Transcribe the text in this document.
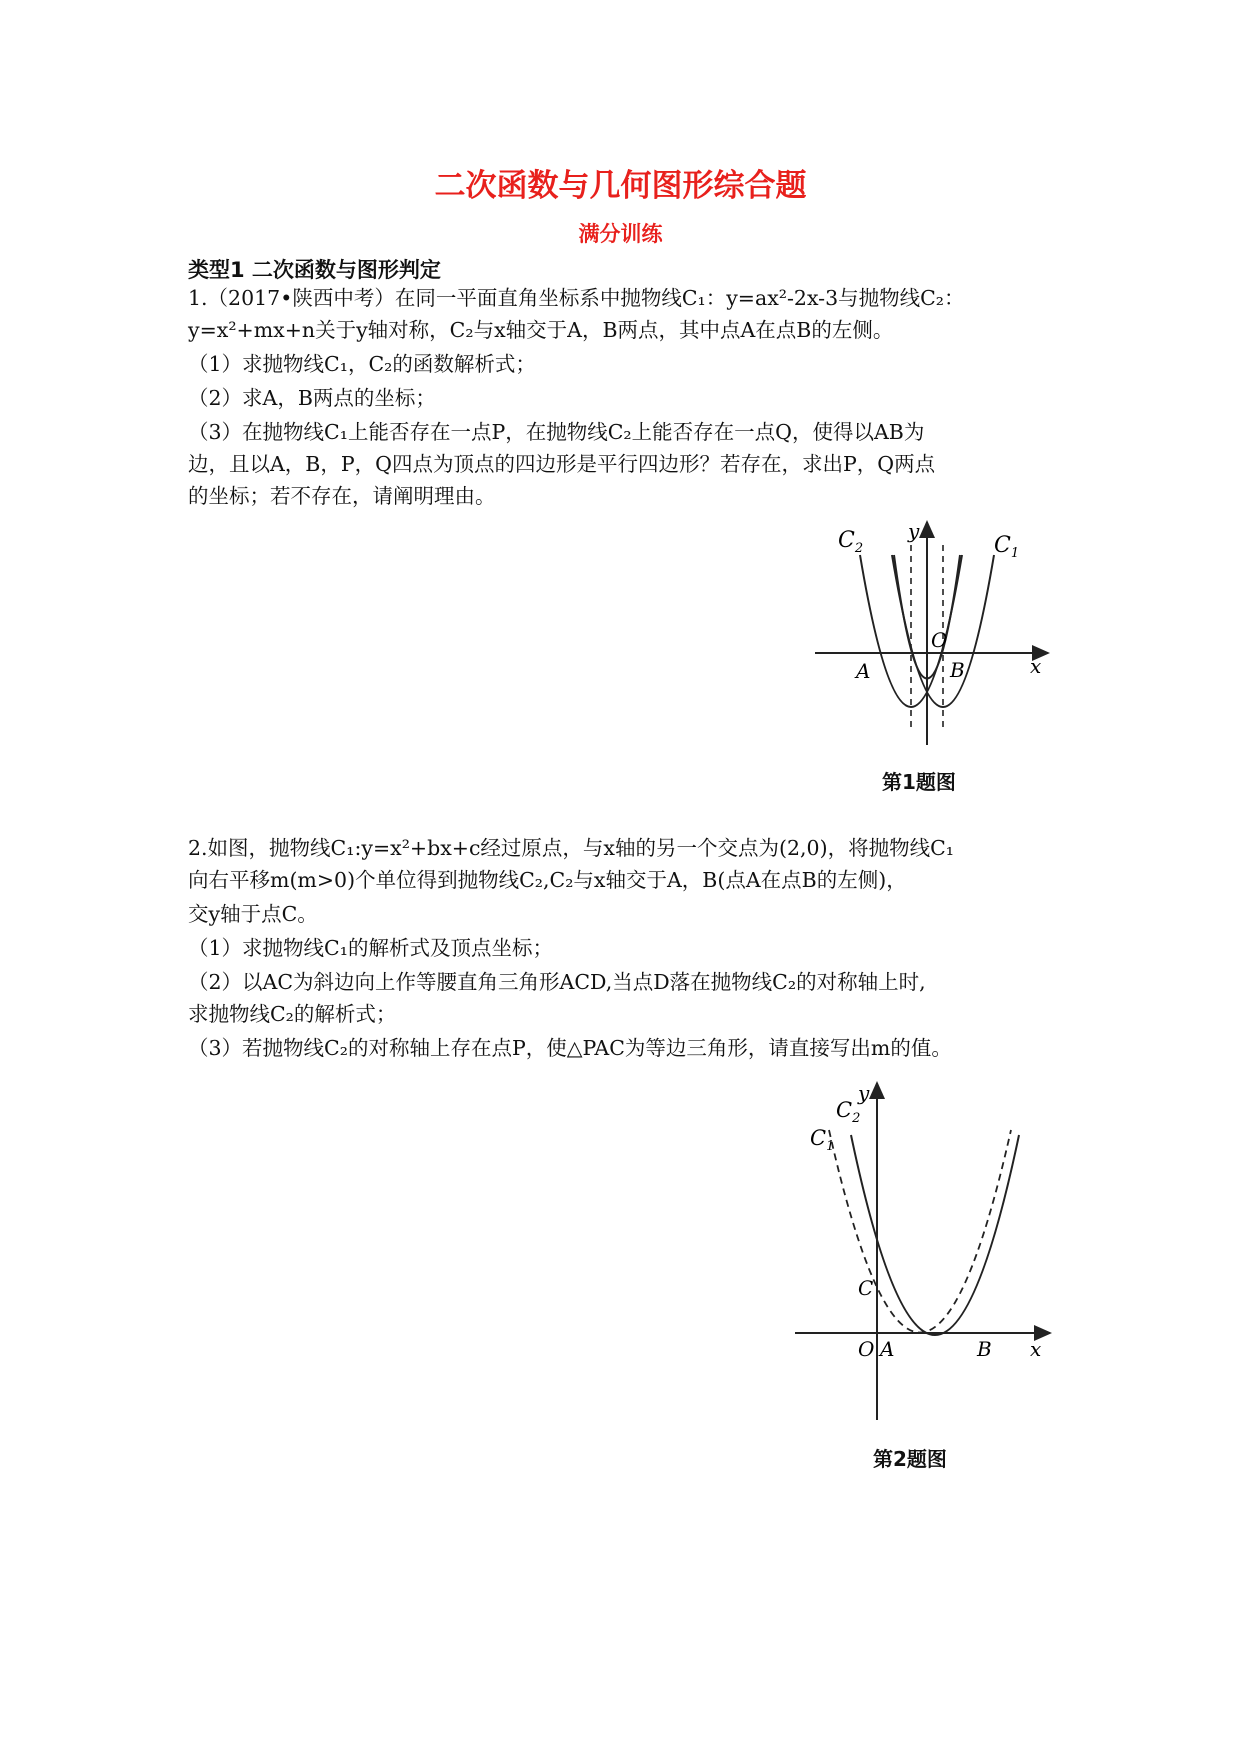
二次函数与几何图形综合题
满分训练
类型1 二次函数与图形判定
1.（2017•陕西中考）在同一平面直角坐标系中抛物线C₁：y=ax²-2x-3与抛物线C₂：
y=x²+mx+n关于y轴对称，C₂与x轴交于A，B两点，其中点A在点B的左侧。
（1）求抛物线C₁，C₂的函数解析式；
（2）求A，B两点的坐标；
（3）在抛物线C₁上能否存在一点P，在抛物线C₂上能否存在一点Q，使得以AB为
边，且以A，B，P，Q四点为顶点的四边形是平行四边形？若存在，求出P，Q两点
的坐标；若不存在，请阐明理由。
$C_2$	$C_1$
y
x
O
A	B
第1题图
2.如图，抛物线C₁:y=x²+bx+c经过原点，与x轴的另一个交点为(2,0)，将抛物线C₁
向右平移m(m>0)个单位得到抛物线C₂,C₂与x轴交于A，B(点A在点B的左侧)，
交y轴于点C。
（1）求抛物线C₁的解析式及顶点坐标；
（2）以AC为斜边向上作等腰直角三角形ACD,当点D落在抛物线C₂的对称轴上时,
求抛物线C₂的解析式；
（3）若抛物线C₂的对称轴上存在点P，使△PAC为等边三角形，请直接写出m的值。
y
$C_2$
$C_1$
C
O A	B x
第2题图
